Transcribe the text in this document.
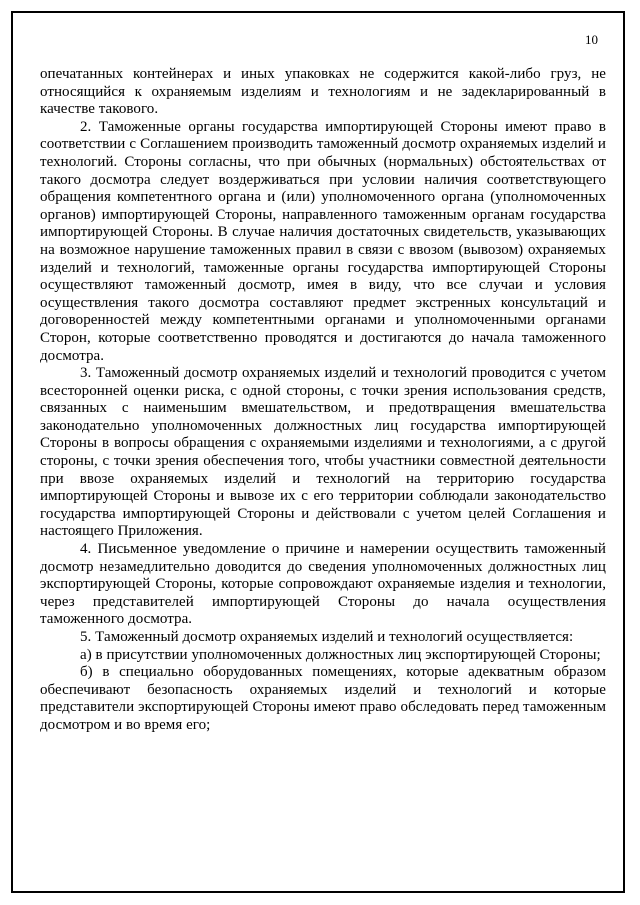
10

опечатанных контейнерах и иных упаковках не содержится какой-либо груз, не относящийся к охраняемым изделиям и технологиям и не задекларированный в качестве такового.

2. Таможенные органы государства импортирующей Стороны имеют право в соответствии с Соглашением производить таможенный досмотр охраняемых изделий и технологий. Стороны согласны, что при обычных (нормальных) обстоятельствах от такого досмотра следует воздерживаться при условии наличия соответствующего обращения компетентного органа и (или) уполномоченного органа (уполномоченных органов) импортирующей Стороны, направленного таможенным органам государства импортирующей Стороны. В случае наличия достаточных свидетельств, указывающих на возможное нарушение таможенных правил в связи с ввозом (вывозом) охраняемых изделий и технологий, таможенные органы государства импортирующей Стороны осуществляют таможенный досмотр, имея в виду, что все случаи и условия осуществления такого досмотра составляют предмет экстренных консультаций и договоренностей между компетентными органами и уполномоченными органами Сторон, которые соответственно проводятся и достигаются до начала таможенного досмотра.

3. Таможенный досмотр охраняемых изделий и технологий проводится с учетом всесторонней оценки риска, с одной стороны, с точки зрения использования средств, связанных с наименьшим вмешательством, и предотвращения вмешательства законодательно уполномоченных должностных лиц государства импортирующей Стороны в вопросы обращения с охраняемыми изделиями и технологиями, а с другой стороны, с точки зрения обеспечения того, чтобы участники совместной деятельности при ввозе охраняемых изделий и технологий на территорию государства импортирующей Стороны и вывозе их с его территории соблюдали законодательство государства импортирующей Стороны и действовали с учетом целей Соглашения и настоящего Приложения.

4. Письменное уведомление о причине и намерении осуществить таможенный досмотр незамедлительно доводится до сведения уполномоченных должностных лиц экспортирующей Стороны, которые сопровождают охраняемые изделия и технологии, через представителей импортирующей Стороны до начала осуществления таможенного досмотра.

5. Таможенный досмотр охраняемых изделий и технологий осуществляется:

а) в присутствии уполномоченных должностных лиц экспортирующей Стороны;

б) в специально оборудованных помещениях, которые адекватным образом обеспечивают безопасность охраняемых изделий и технологий и которые представители экспортирующей Стороны имеют право обследовать перед таможенным досмотром и во время его;
